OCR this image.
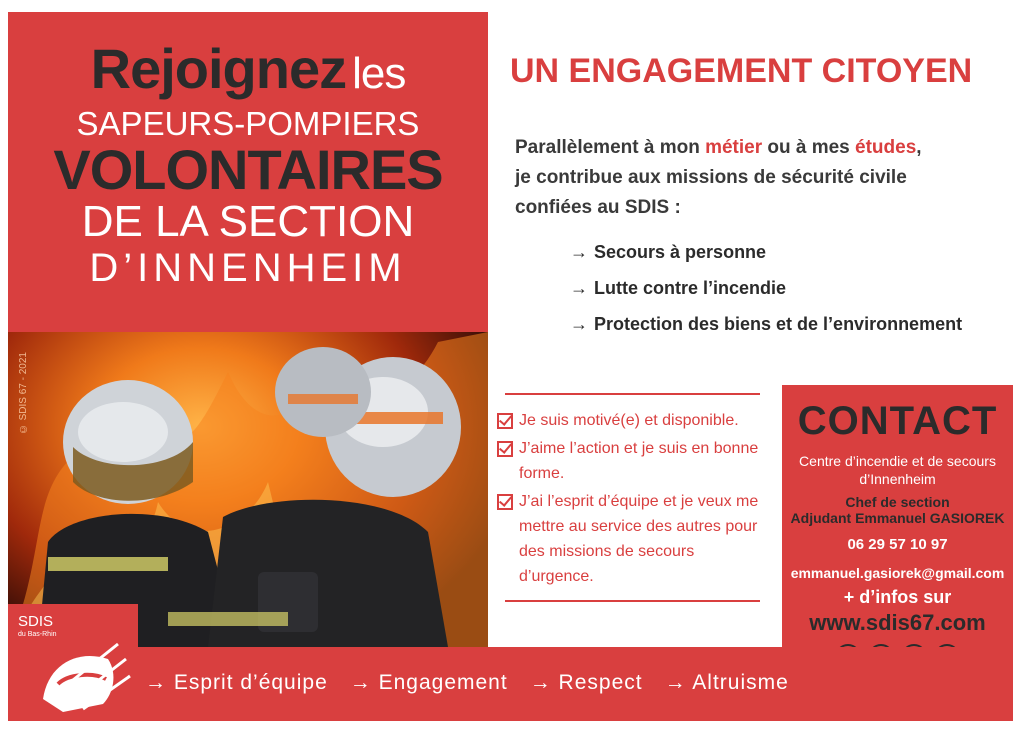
Rejoignez les
SAPEURS-POMPIERS
VOLONTAIRES
DE LA SECTION
D’INNENHEIM
© SDIS 67 - 2021
UN ENGAGEMENT CITOYEN
Parallèlement à mon métier ou à mes études,
je contribue aux missions de sécurité civile
confiées au SDIS :
→ Secours à personne
→ Lutte contre l’incendie
→ Protection des biens et de l’environnement
Je suis motivé(e) et disponible.
J’aime l’action et je suis en bonne forme.
J’ai l’esprit d’équipe et je veux me mettre au service des autres pour des missions de secours d’urgence.
CONTACT
Centre d’incendie et de secours
d’Innenheim
Chef de section
Adjudant Emmanuel GASIOREK
06 29 57 10 97
emmanuel.gasiorek@gmail.com
+ d’infos sur
www.sdis67.com
→ Esprit d’équipe → Engagement → Respect → Altruisme
SDIS
du Bas-Rhin
